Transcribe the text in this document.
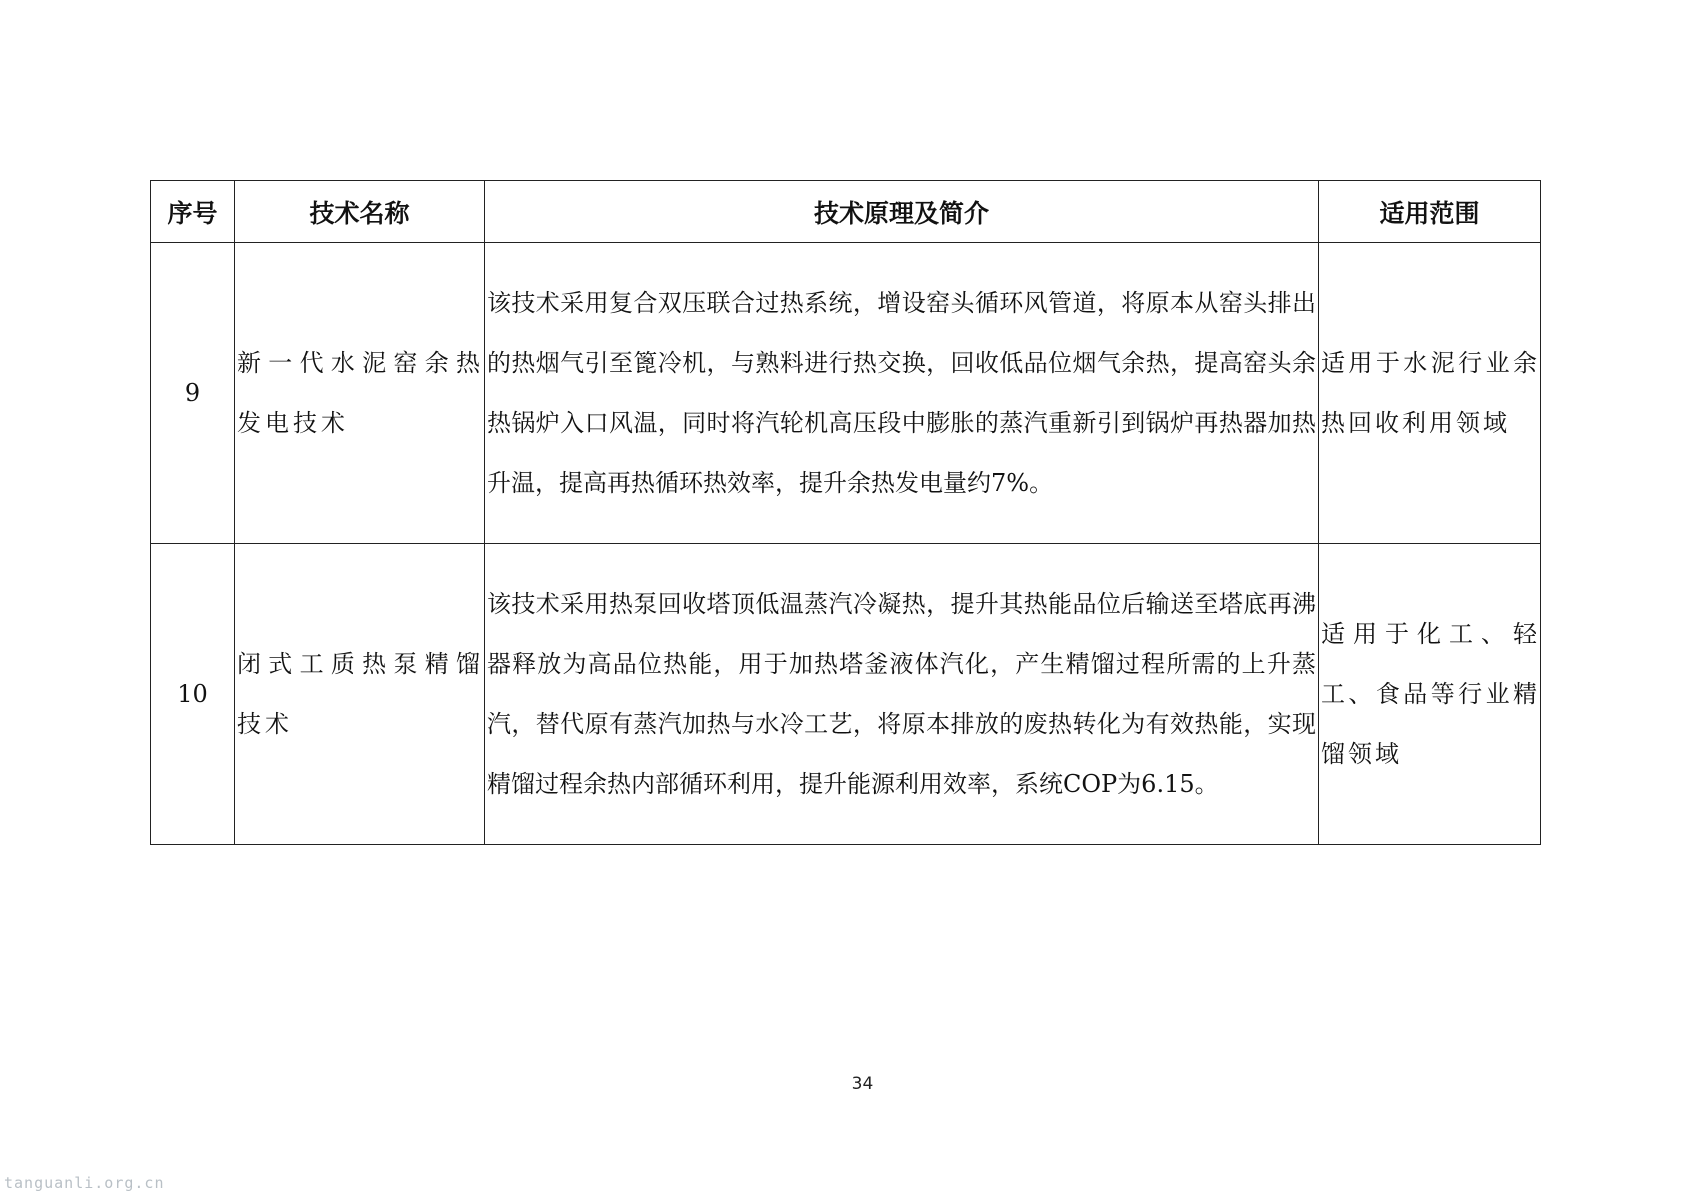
序号	技术名称	技术原理及简介	适用范围
9	新一代水泥窑余热发电技术	该技术采用复合双压联合过热系统，增设窑头循环风管道，将原本从窑头排出的热烟气引至篦冷机，与熟料进行热交换，回收低品位烟气余热，提高窑头余热锅炉入口风温，同时将汽轮机高压段中膨胀的蒸汽重新引到锅炉再热器加热升温，提高再热循环热效率，提升余热发电量约7%。	适用于水泥行业余热回收利用领域
10	闭式工质热泵精馏技术	该技术采用热泵回收塔顶低温蒸汽冷凝热，提升其热能品位后输送至塔底再沸器释放为高品位热能，用于加热塔釜液体汽化，产生精馏过程所需的上升蒸汽，替代原有蒸汽加热与水冷工艺，将原本排放的废热转化为有效热能，实现精馏过程余热内部循环利用，提升能源利用效率，系统COP为6.15。	适用于化工、轻工、食品等行业精馏领域
34
tanguanli.org.cn
